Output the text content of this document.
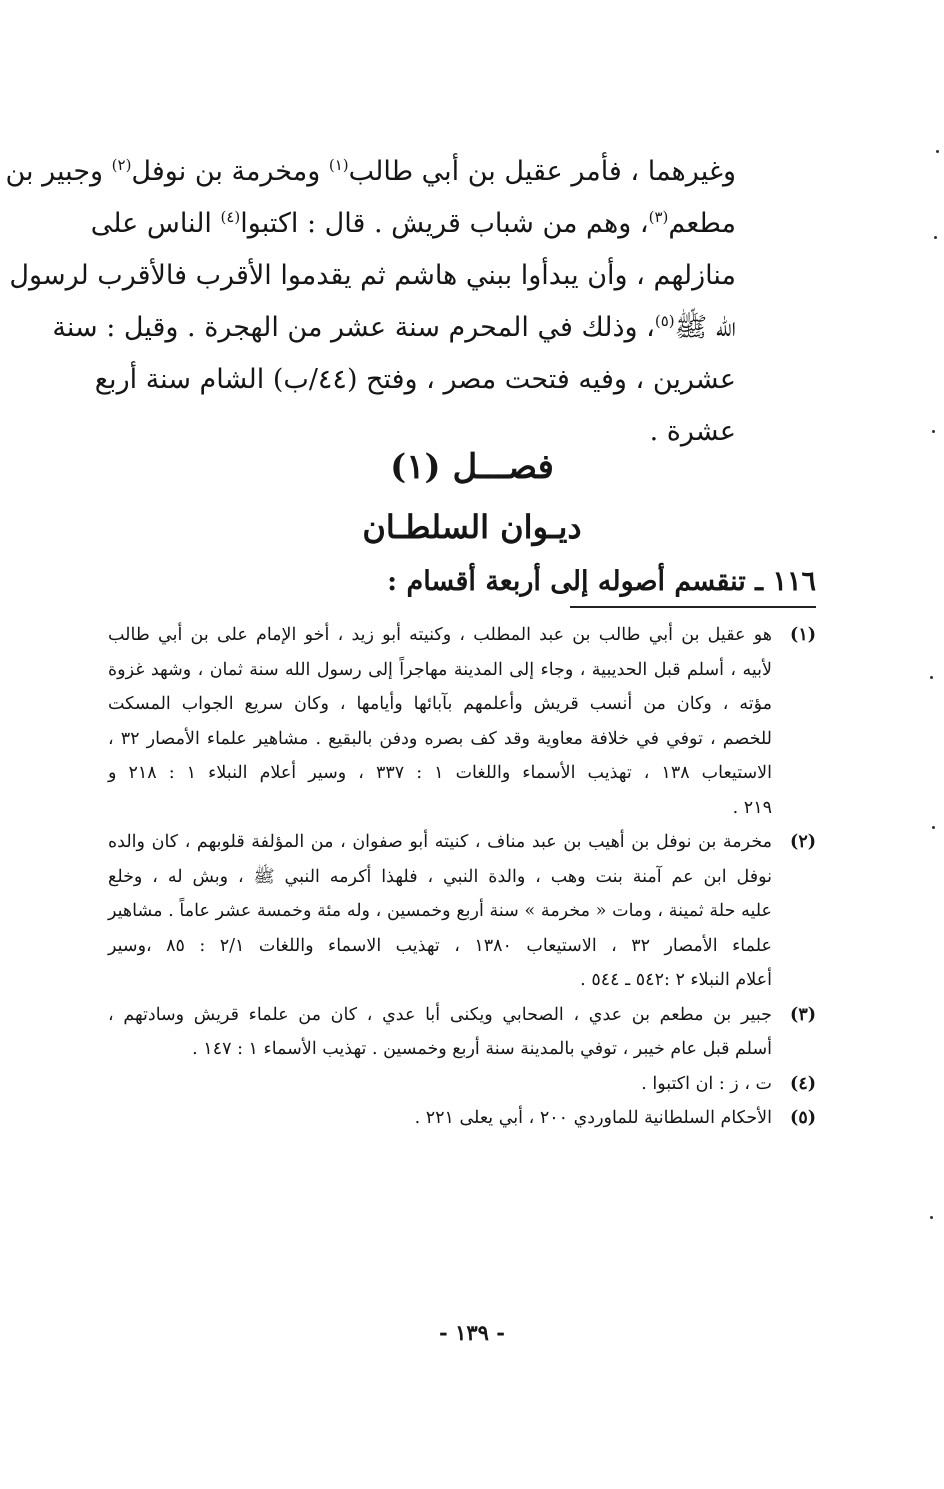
وغيرهما ، فأمر عقيل بن أبي طالب$^{(١)}$ ومخرمة بن نوفل$^{(٢)}$ وجبير بن
مطعم$^{(٣)}$، وهم من شباب قريش . قال : اكتبوا$^{(٤)}$ الناس على
منازلهم ، وأن يبدأوا ببني هاشم ثم يقدموا الأقرب فالأقرب لرسول
الله ﷺ$^{(٥)}$، وذلك في المحرم سنة عشر من الهجرة . وقيل : سنة
عشرين ، وفيه فتحت مصر ، وفتح (٤٤/ب) الشام سنة أربع
عشرة .
فصـــل (١)
ديـوان السلطـان
١١٦ ـ تنقسم أصوله إلى أربعة أقسام :
(١)
هو عقيل بن أبي طالب بن عبد المطلب ، وكنيته أبو زيد ، أخو الإمام على بن أبي طالب
لأبيه ، أسلم قبل الحديبية ، وجاء إلى المدينة مهاجراً إلى رسول الله سنة ثمان ، وشهد غزوة
مؤته ، وكان من أنسب قريش وأعلمهم بآبائها وأيامها ، وكان سريع الجواب المسكت
للخصم ، توفي في خلافة معاوية وقد كف بصره ودفن بالبقيع . مشاهير علماء الأمصار ٣٢ ،
الاستيعاب ١٣٨ ، تهذيب الأسماء واللغات ١ : ٣٣٧ ، وسير أعلام النبلاء ١ : ٢١٨ و
٢١٩ .
(٢)
مخرمة بن نوفل بن أهيب بن عبد مناف ، كنيته أبو صفوان ، من المؤلفة قلوبهم ، كان والده
نوفل ابن عم آمنة بنت وهب ، والدة النبي ، فلهذا أكرمه النبي ﷺ ، وبش له ، وخلع
عليه حلة ثمينة ، ومات « مخرمة » سنة أربع وخمسين ، وله مئة وخمسة عشر عاماً . مشاهير
علماء الأمصار ٣٢ ، الاستيعاب ١٣٨٠ ، تهذيب الاسماء واللغات ٢/١ : ٨٥ ،وسير
أعلام النبلاء ٢ :٥٤٢ ـ ٥٤٤ .
(٣)
جبير بن مطعم بن عدي ، الصحابي ويكنى أبا عدي ، كان من علماء قريش وسادتهم ،
أسلم قبل عام خيبر ، توفي بالمدينة سنة أربع وخمسين . تهذيب الأسماء ١ : ١٤٧ .
(٤)
ت ، ز : ان اكتبوا .
(٥)
الأحكام السلطانية للماوردي ٢٠٠ ، أبي يعلى ٢٢١ .
- ١٣٩ -
